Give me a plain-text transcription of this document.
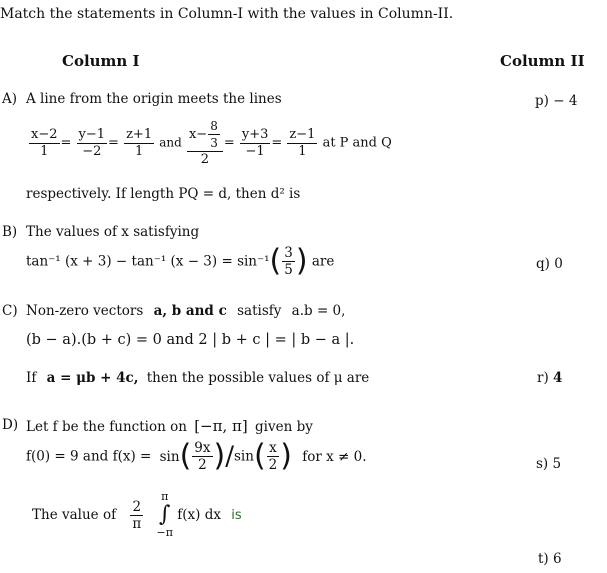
Match the statements in Column-I with the values in Column-II.
Column I	Column II
A) A line from the origin meets the lines
$\frac{x-2}{1} = \frac{y-1}{-2} = \frac{z+1}{1}$ and $\frac{x- \frac{8}{3}}{2} = \frac{y+3}{-1} = \frac{z-1}{1}$ at P and Q
respectively. If length PQ = d, then d² is
B) The values of x satisfying
tan⁻¹ (x + 3) − tan⁻¹ $(x - 3) = \sin^{-1}( \frac{3}{5}$ ) are
C) Non-zero vectors a, b and c satisfy a.b = 0,
(b − a).(b + c) = 0 and 2 | b + c | = | b − a |.
If a = μb + 4c, then the possible values of μ are
D) Let f be the function on [−π, π] given by
f(0) = 9 and $f(x) = \sin( \frac{9x}{2} )/\sin( \frac{x}{2}$ ) for x ≠ 0.
The value of $\frac{2}{\pi}$

π
∫
−π
f(x) dx is
p) − 4
q) 0
r) 4
s) 5
t) 6
